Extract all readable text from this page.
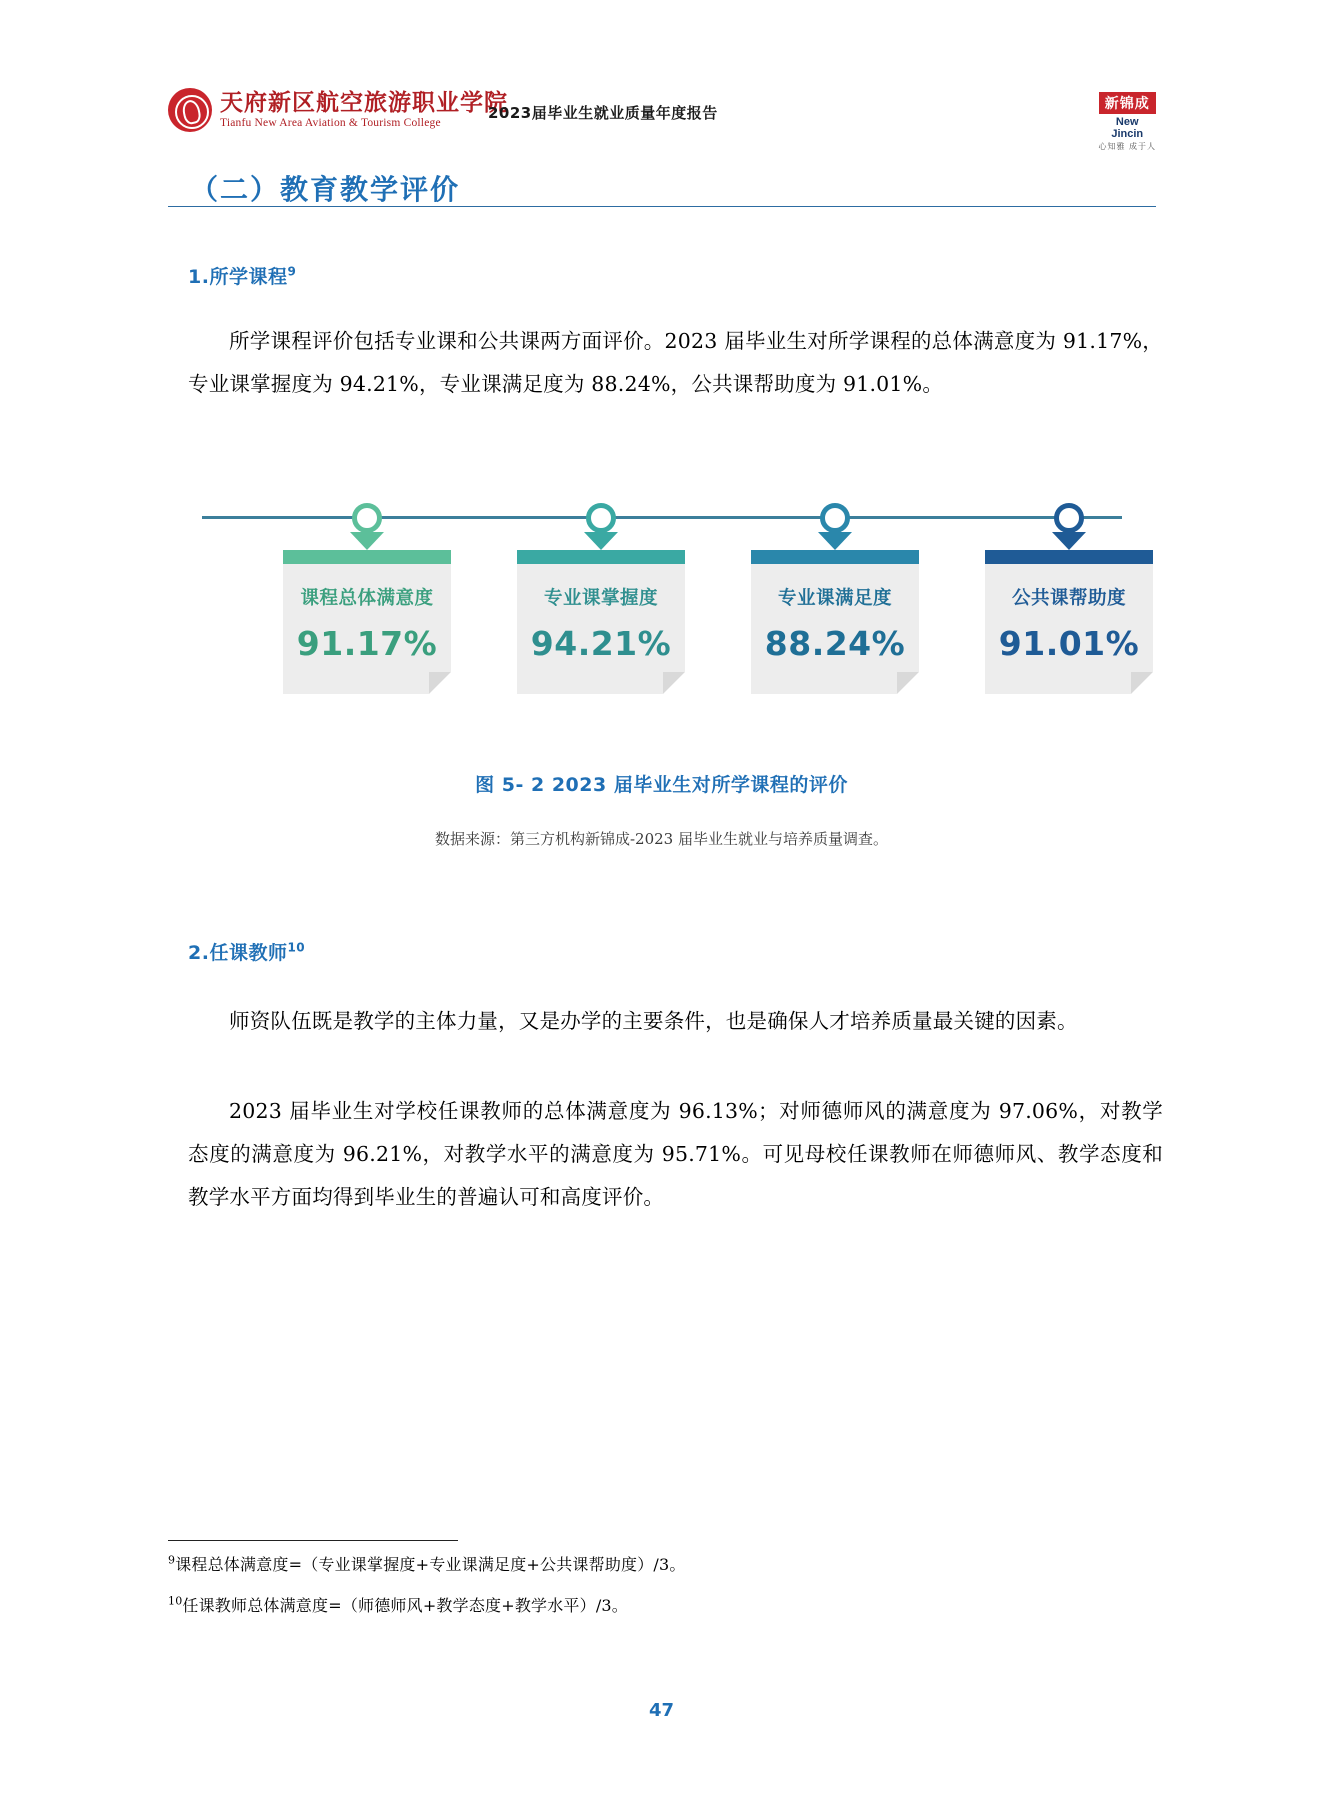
天府新区航空旅游职业学院
Tianfu New Area Aviation & Tourism College
2023届毕业生就业质量年度报告	新锦成
New
Jincin
心知雅 成于人
（二）教育教学评价
1.所学课程$^9$
所学课程评价包括专业课和公共课两方面评价。2023 届毕业生对所学课程的总体满意度为 91.17%，专业课掌握度为 94.21%，专业课满足度为 88.24%，公共课帮助度为 91.01%。
课程总体满意度
91.17%
专业课掌握度
94.21%
专业课满足度
88.24%
公共课帮助度
91.01%
图 5- 2 2023 届毕业生对所学课程的评价
数据来源：第三方机构新锦成-2023 届毕业生就业与培养质量调查。
2.任课教师$^{10}$
师资队伍既是教学的主体力量，又是办学的主要条件，也是确保人才培养质量最关键的因素。
2023 届毕业生对学校任课教师的总体满意度为 96.13%；对师德师风的满意度为 97.06%，对教学态度的满意度为 96.21%，对教学水平的满意度为 95.71%。可见母校任课教师在师德师风、教学态度和教学水平方面均得到毕业生的普遍认可和高度评价。
$^9$课程总体满意度=（专业课掌握度+专业课满足度+公共课帮助度）/3。
$^{10}$任课教师总体满意度=（师德师风+教学态度+教学水平）/3。
47
